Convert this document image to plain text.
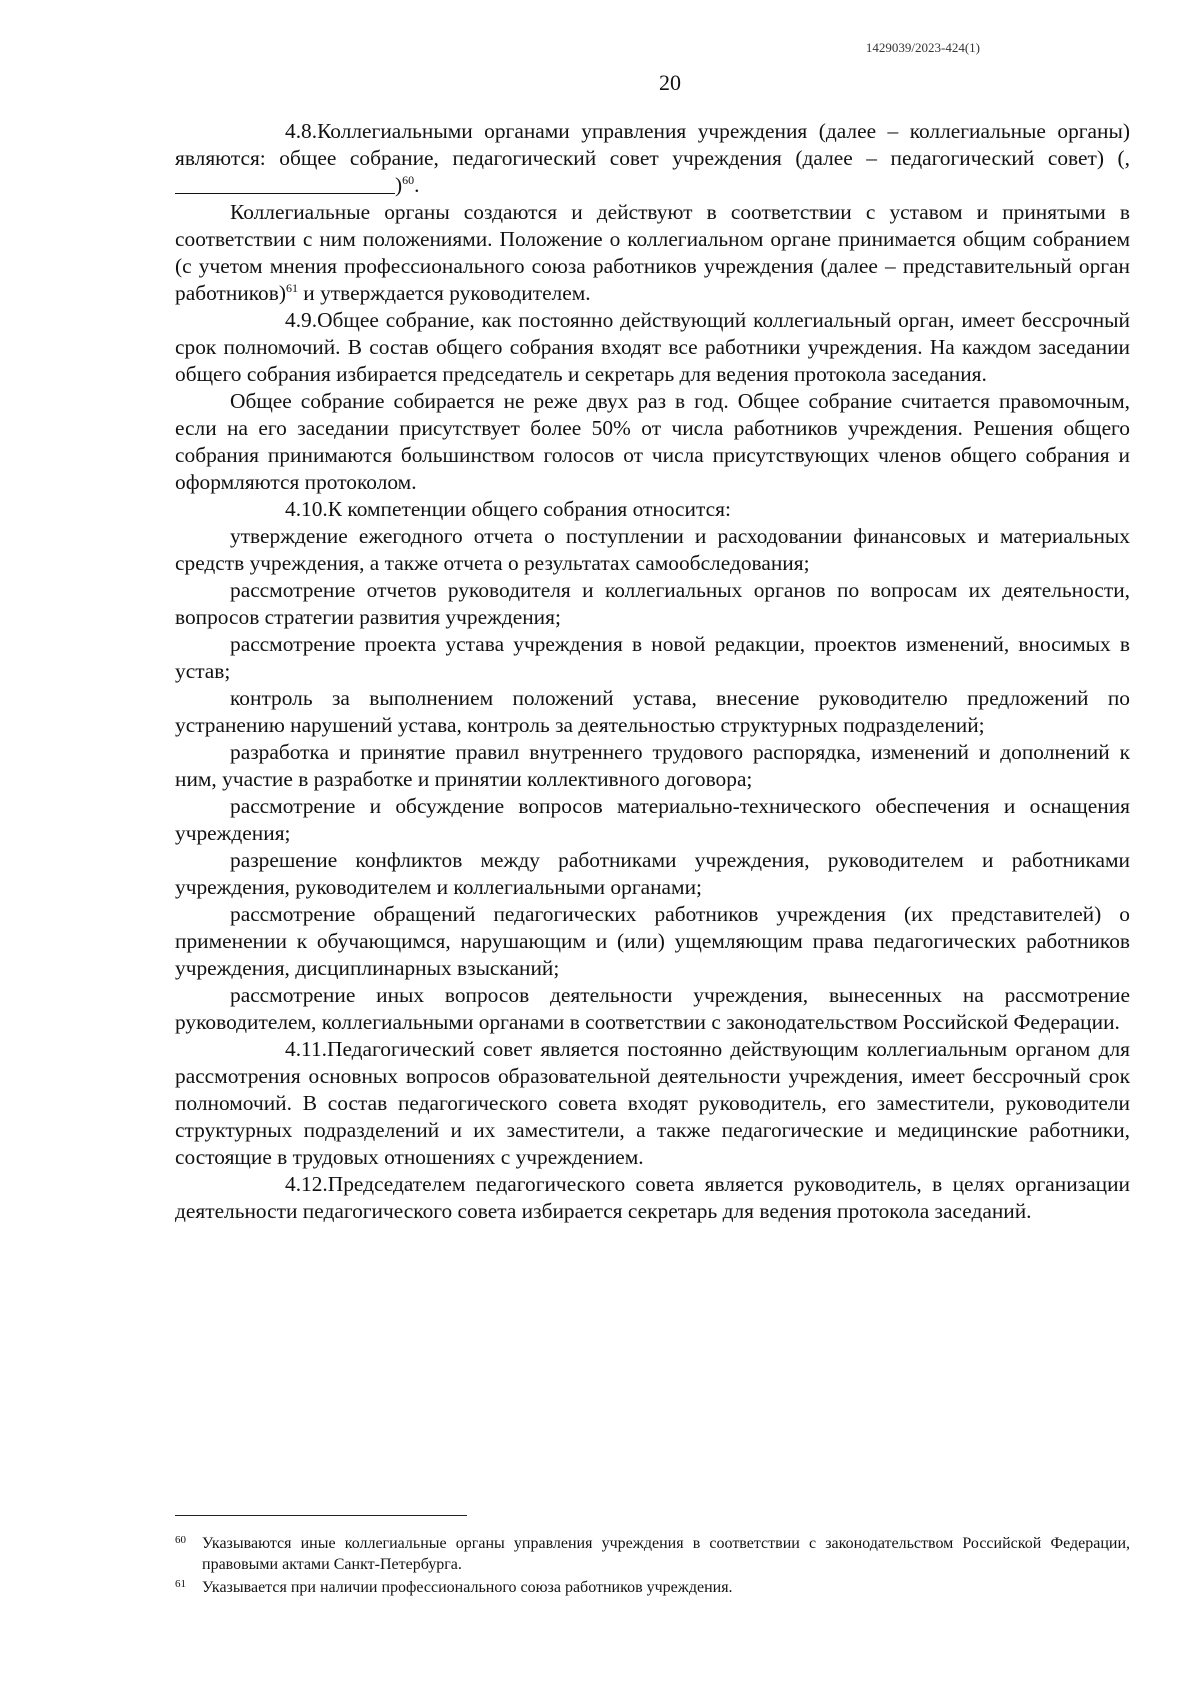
1429039/2023-424(1)
20

4.8.Коллегиальными органами управления учреждения (далее – коллегиальные органы) являются: общее собрание, педагогический совет учреждения (далее – педагогический совет) (,)$^{60}$.

Коллегиальные органы создаются и действуют в соответствии с уставом и принятыми в соответствии с ним положениями. Положение о коллегиальном органе принимается общим собранием (с учетом мнения профессионального союза работников учреждения (далее – представительный орган работников)$^{61}$ и утверждается руководителем.

4.9.Общее собрание, как постоянно действующий коллегиальный орган, имеет бессрочный срок полномочий. В состав общего собрания входят все работники учреждения. На каждом заседании общего собрания избирается председатель и секретарь для ведения протокола заседания.

Общее собрание собирается не реже двух раз в год. Общее собрание считается правомочным, если на его заседании присутствует более 50% от числа работников учреждения. Решения общего собрания принимаются большинством голосов от числа присутствующих членов общего собрания и оформляются протоколом.

4.10.К компетенции общего собрания относится:

утверждение ежегодного отчета о поступлении и расходовании финансовых и материальных средств учреждения, а также отчета о результатах самообследования;

рассмотрение отчетов руководителя и коллегиальных органов по вопросам их деятельности, вопросов стратегии развития учреждения;

рассмотрение проекта устава учреждения в новой редакции, проектов изменений, вносимых в устав;

контроль за выполнением положений устава, внесение руководителю предложений по устранению нарушений устава, контроль за деятельностью структурных подразделений;

разработка и принятие правил внутреннего трудового распорядка, изменений и дополнений к ним, участие в разработке и принятии коллективного договора;

рассмотрение и обсуждение вопросов материально-технического обеспечения и оснащения учреждения;

разрешение конфликтов между работниками учреждения, руководителем и работниками учреждения, руководителем и коллегиальными органами;

рассмотрение обращений педагогических работников учреждения (их представителей) о применении к обучающимся, нарушающим и (или) ущемляющим права педагогических работников учреждения, дисциплинарных взысканий;

рассмотрение иных вопросов деятельности учреждения, вынесенных на рассмотрение руководителем, коллегиальными органами в соответствии с законодательством Российской Федерации.

4.11.Педагогический совет является постоянно действующим коллегиальным органом для рассмотрения основных вопросов образовательной деятельности учреждения, имеет бессрочный срок полномочий. В состав педагогического совета входят руководитель, его заместители, руководители структурных подразделений и их заместители, а также педагогические и медицинские работники, состоящие в трудовых отношениях с учреждением.

4.12.Председателем педагогического совета является руководитель, в целях организации деятельности педагогического совета избирается секретарь для ведения протокола заседаний.

60 Указываются иные коллегиальные органы управления учреждения в соответствии с законодательством Российской Федерации, правовыми актами Санкт-Петербурга.
61 Указывается при наличии профессионального союза работников учреждения.
